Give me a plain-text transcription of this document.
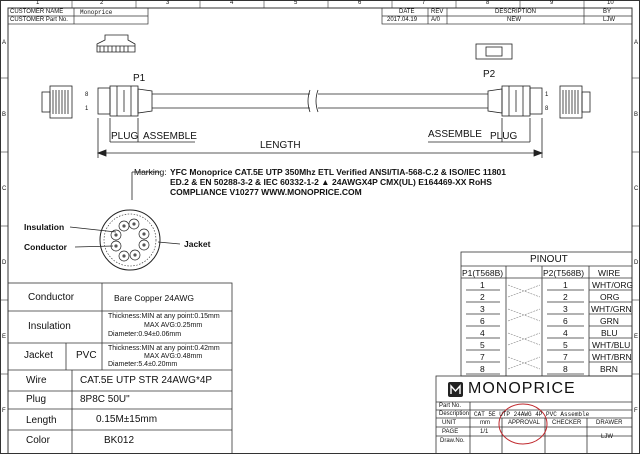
1	2	3	4	5	6	7	8	9	10
A
B
C
D
E
F
A
B
C
D
E
F
CUSTOMER NAME	Monoprice
CUSTOMER Part No.
DATE	REV	DESCRIPTION	BY
2017.04.19 A/0	NEW	LJW
P1	P2
8
1
1
8
PLUG ASSEMBLE	ASSEMBLE PLUG
LENGTH
Marking: YFC Monoprice CAT.5E UTP 350Mhz ETL Verified ANSI/TIA-568-C.2 & ISO/IEC 11801
ED.2 & EN 50288-3-2 & IEC 60332-1-2 ▲ 24AWGX4P CMX(UL) E164469-XX RoHS
COMPLIANCE V10277 WWW.MONOPRICE.COM
Insulation
Conductor	Jacket
Conductor	Bare Copper 24AWG
Insulation
Thickness:MIN at any point:0.15mm
MAX AVG:0.25mm
Diameter:0.94±0.06mm
Jacket PVC
Thickness:MIN at any point:0.42mm
MAX AVG:0.48mm
Diameter:5.4±0.20mm
Wire	CAT.5E UTP STR 24AWG*4P
Plug	8P8C 50U"
Length	0.15M±15mm
Color	BK012
PINOUT
P1(T568B)	P2(T568B) WIRE
1	1	WHT/ORG
2	2	ORG
3	3	WHT/GRN
6	6	GRN
4	4	BLU
5	5	WHT/BLU
7	7	WHT/BRN
8	8	BRN
MONOPRICE
Part No.
Description CAT 5E UTP 24AWG 4P PVC Assemble
UNIT	mm	APPROVAL CHECKER DRAWER
PAGE	1/1
Draw.No.
LJW
